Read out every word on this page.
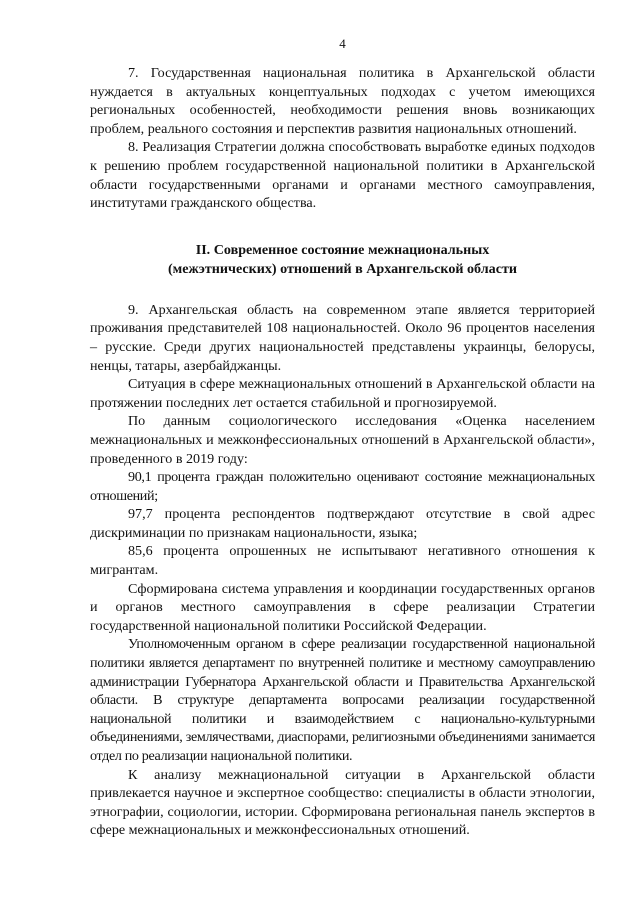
4

7. Государственная национальная политика в Архангельской области нуждается в актуальных концептуальных подходах с учетом имеющихся региональных особенностей, необходимости решения вновь возникающих проблем, реального состояния и перспектив развития национальных отношений.

8. Реализация Стратегии должна способствовать выработке единых подходов к решению проблем государственной национальной политики в Архангельской области государственными органами и органами местного самоуправления, институтами гражданского общества.

II. Современное состояние межнациональных
(межэтнических) отношений в Архангельской области

9. Архангельская область на современном этапе является территорией проживания представителей 108 национальностей. Около 96 процентов населения – русские. Среди других национальностей представлены украинцы, белорусы, ненцы, татары, азербайджанцы.

Ситуация в сфере межнациональных отношений в Архангельской области на протяжении последних лет остается стабильной и прогнозируемой.

По данным социологического исследования «Оценка населением межнациональных и межконфессиональных отношений в Архангельской области», проведенного в 2019 году:

90,1 процента граждан положительно оценивают состояние межнациональных отношений;

97,7 процента респондентов подтверждают отсутствие в свой адрес дискриминации по признакам национальности, языка;

85,6 процента опрошенных не испытывают негативного отношения к мигрантам.

Сформирована система управления и координации государственных органов и органов местного самоуправления в сфере реализации Стратегии государственной национальной политики Российской Федерации.

Уполномоченным органом в сфере реализации государственной национальной политики является департамент по внутренней политике и местному самоуправлению администрации Губернатора Архангельской области и Правительства Архангельской области. В структуре департамента вопросами реализации государственной национальной политики и взаимодействием с национально-культурными объединениями, землячествами, диаспорами, религиозными объединениями занимается отдел по реализации национальной политики.

К анализу межнациональной ситуации в Архангельской области привлекается научное и экспертное сообщество: специалисты в области этнологии, этнографии, социологии, истории. Сформирована региональная панель экспертов в сфере межнациональных и межконфессиональных отношений.
